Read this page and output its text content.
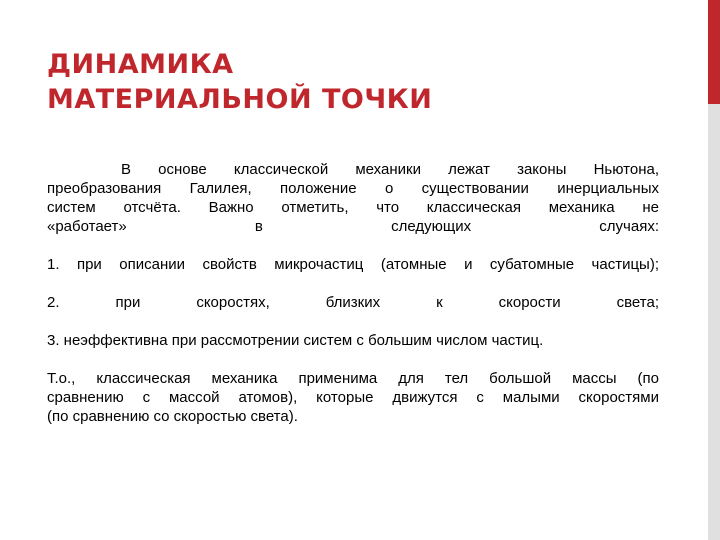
ДИНАМИКА
МАТЕРИАЛЬНОЙ ТОЧКИ

В основе классической механики лежат законы Ньютона,

преобразования Галилея, положение о существовании инерциальных

систем отсчёта. Важно отметить, что классическая механика не

«работает» в следующих случаях:

1. при описании свойств микрочастиц (атомные и субатомные частицы);

2. при скоростях, близких к скорости света;

3. неэффективна при рассмотрении систем с большим числом частиц.

Т.о., классическая механика применима для тел большой массы (по

сравнению с массой атомов), которые движутся с малыми скоростями

(по сравнению со скоростью света).
